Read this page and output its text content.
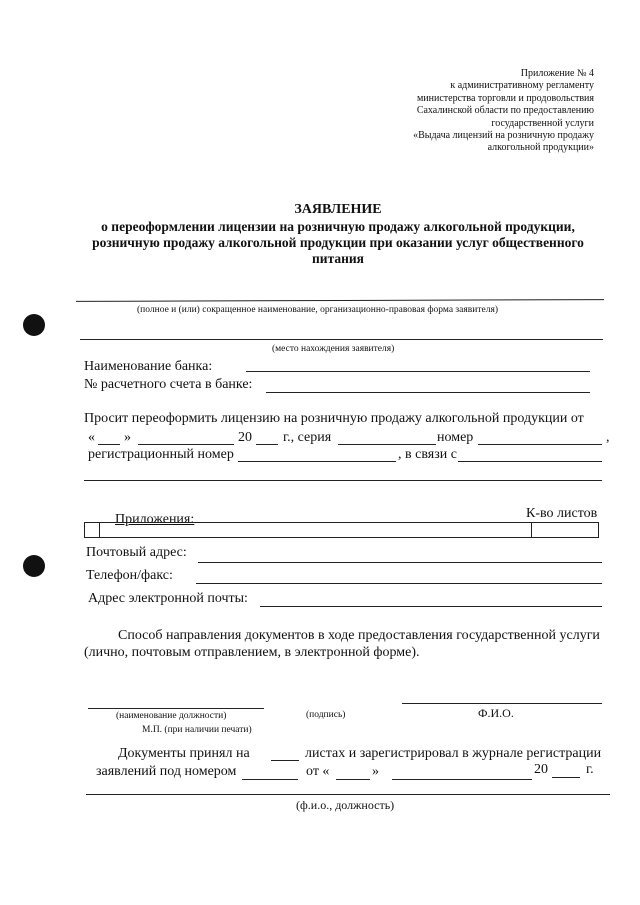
Приложение № 4
к административному регламенту
министерства торговли и продовольствия
Сахалинской области по предоставлению
государственной услуги
«Выдача лицензий на розничную продажу
алкогольной продукции»
ЗАЯВЛЕНИЕ
о переоформлении лицензии на розничную продажу алкогольной продукции,
розничную продажу алкогольной продукции при оказании услуг общественного
питания
(полное и (или) сокращенное наименование, организационно-правовая форма заявителя)
(место нахождения заявителя)
Наименование банка:
№ расчетного счета в банке:
Просит переоформить лицензию на розничную продажу алкогольной продукции от
« »	20 г., серия	номер	,
регистрационный номер	, в связи с
Приложения:	К-во листов

Почтовый адрес:
Телефон/факс:
Адрес электронной почты:
Способ направления документов в ходе предоставления государственной услуги
(лично, почтовым отправлением, в электронной форме).
(наименование должности)	(подпись)	Ф.И.О.
М.П. (при наличии печати)
Документы принял на	листах и зарегистрировал в журнале регистрации
заявлений под номером	от «	»	20	г.
(ф.и.о., должность)
